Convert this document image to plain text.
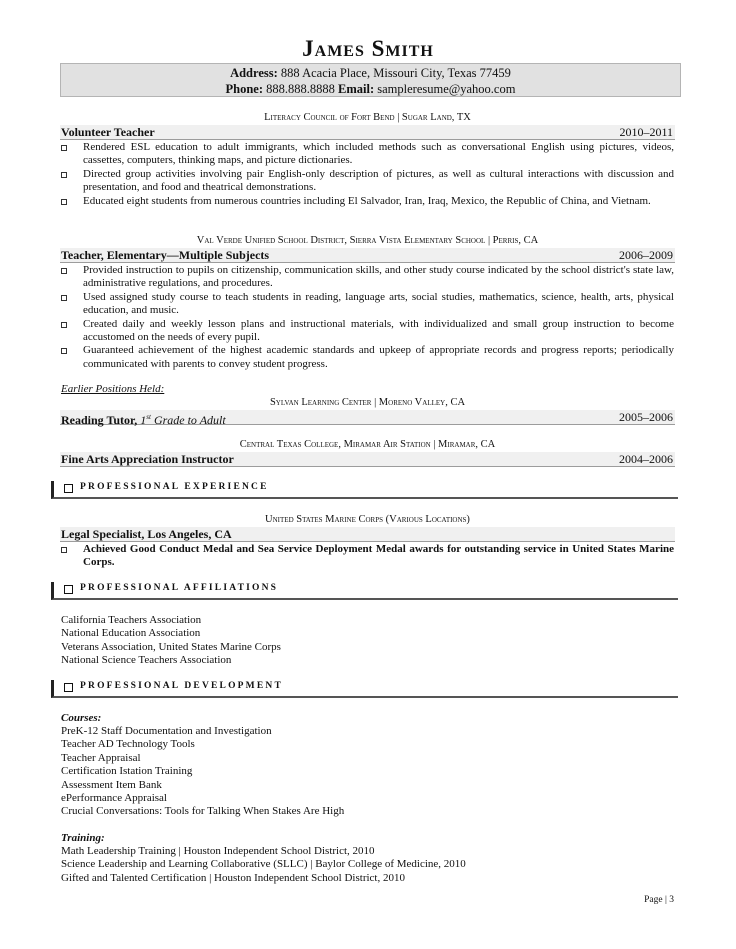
James Smith
Address: 888 Acacia Place, Missouri City, Texas 77459
Phone: 888.888.8888 Email: sampleresume@yahoo.com
Literacy Council of Fort Bend | Sugar Land, TX
Volunteer Teacher	2010–2011
Rendered ESL education to adult immigrants, which included methods such as conversational English using pictures, videos, cassettes, computers, thinking maps, and picture dictionaries.
Directed group activities involving pair English-only description of pictures, as well as cultural interactions with discussion and presentation, and food and theatrical demonstrations.
Educated eight students from numerous countries including El Salvador, Iran, Iraq, Mexico, the Republic of China, and Vietnam.
Val Verde Unified School District, Sierra Vista Elementary School | Perris, CA
Teacher, Elementary—Multiple Subjects	2006–2009
Provided instruction to pupils on citizenship, communication skills, and other study course indicated by the school district's state law, administrative regulations, and procedures.
Used assigned study course to teach students in reading, language arts, social studies, mathematics, science, health, arts, physical education, and music.
Created daily and weekly lesson plans and instructional materials, with individualized and small group instruction to become accustomed on the needs of every pupil.
Guaranteed achievement of the highest academic standards and upkeep of appropriate records and progress reports; periodically communicated with parents to convey student progress.
Earlier Positions Held:
Sylvan Learning Center | Moreno Valley, CA
Reading Tutor, 1st Grade to Adult	2005–2006
Central Texas College, Miramar Air Station | Miramar, CA
Fine Arts Appreciation Instructor	2004–2006
PROFESSIONAL EXPERIENCE
United States Marine Corps (Various Locations)
Legal Specialist, Los Angeles, CA
Achieved Good Conduct Medal and Sea Service Deployment Medal awards for outstanding service in United States Marine Corps.
PROFESSIONAL AFFILIATIONS
California Teachers Association
National Education Association
Veterans Association, United States Marine Corps
National Science Teachers Association
PROFESSIONAL DEVELOPMENT
Courses:
PreK-12 Staff Documentation and Investigation
Teacher AD Technology Tools
Teacher Appraisal
Certification Istation Training
Assessment Item Bank
ePerformance Appraisal
Crucial Conversations: Tools for Talking When Stakes Are High
Training:
Math Leadership Training | Houston Independent School District, 2010
Science Leadership and Learning Collaborative (SLLC) | Baylor College of Medicine, 2010
Gifted and Talented Certification | Houston Independent School District, 2010
Page | 3
